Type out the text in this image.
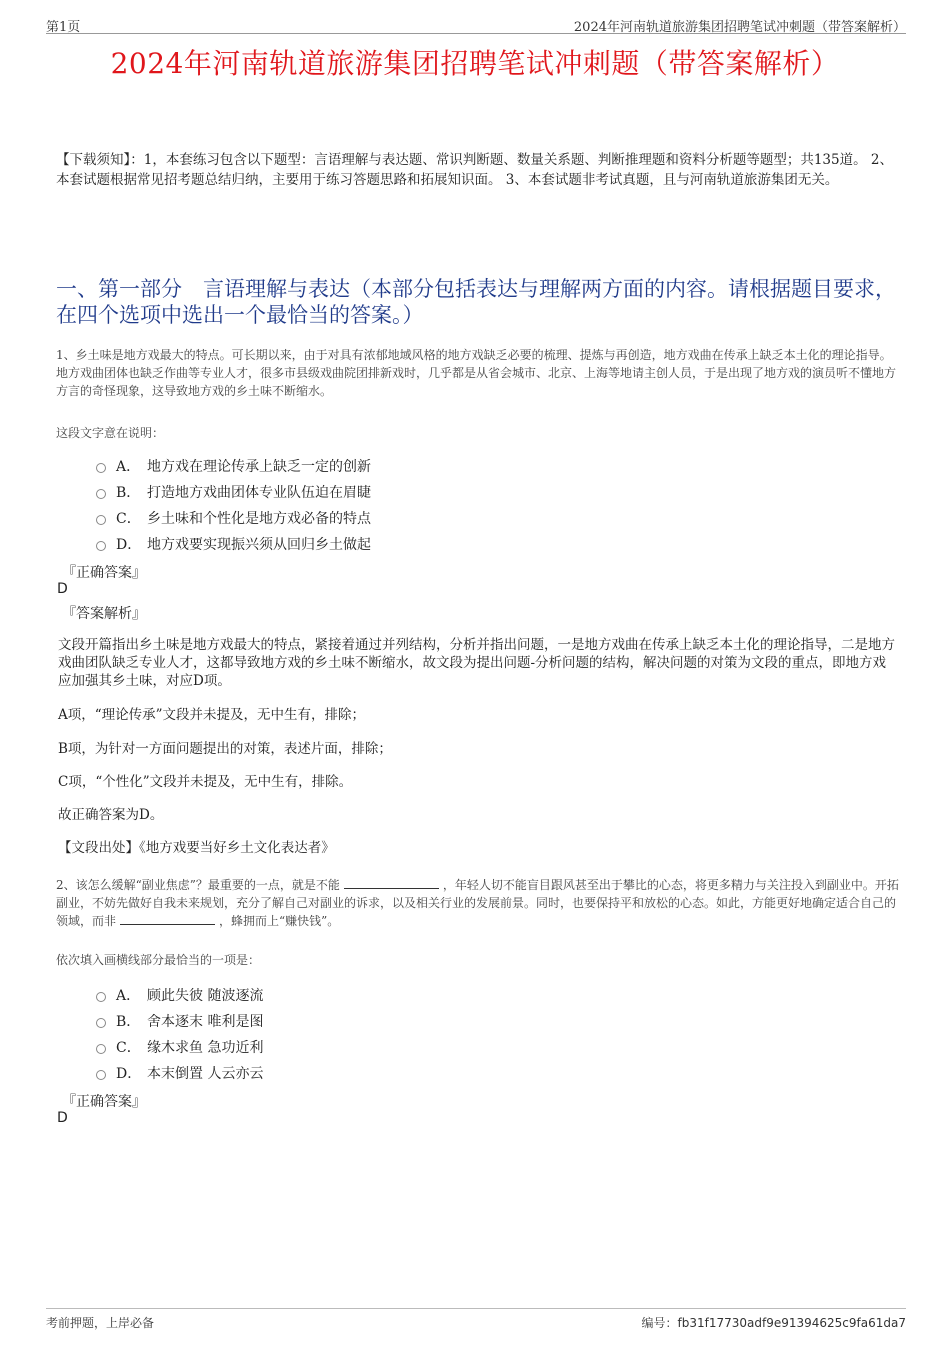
第1页	2024年河南轨道旅游集团招聘笔试冲刺题（带答案解析）
2024年河南轨道旅游集团招聘笔试冲刺题（带答案解析）
【下载须知】：1，本套练习包含以下题型：言语理解与表达题、常识判断题、数量关系题、判断推理题和资料分析题等题型；共135道。 2、本套试题根据常见招考题总结归纳，主要用于练习答题思路和拓展知识面。 3、本套试题非考试真题，且与河南轨道旅游集团无关。
一、第一部分　言语理解与表达（本部分包括表达与理解两方面的内容。请根据题目要求，在四个选项中选出一个最恰当的答案。）
1、乡土味是地方戏最大的特点。可长期以来，由于对具有浓郁地域风格的地方戏缺乏必要的梳理、提炼与再创造，地方戏曲在传承上缺乏本土化的理论指导。地方戏曲团体也缺乏作曲等专业人才，很多市县级戏曲院团排新戏时，几乎都是从省会城市、北京、上海等地请主创人员，于是出现了地方戏的演员听不懂地方方言的奇怪现象，这导致地方戏的乡土味不断缩水。
这段文字意在说明：
A． 地方戏在理论传承上缺乏一定的创新
B． 打造地方戏曲团体专业队伍迫在眉睫
C． 乡土味和个性化是地方戏必备的特点
D． 地方戏要实现振兴须从回归乡土做起
『正确答案』
D
『答案解析』
文段开篇指出乡土味是地方戏最大的特点，紧接着通过并列结构，分析并指出问题，一是地方戏曲在传承上缺乏本土化的理论指导，二是地方戏曲团队缺乏专业人才，这都导致地方戏的乡土味不断缩水，故文段为提出问题-分析问题的结构，解决问题的对策为文段的重点，即地方戏应加强其乡土味，对应D项。
A项，“理论传承”文段并未提及，无中生有，排除；
B项，为针对一方面问题提出的对策，表述片面，排除；
C项，“个性化”文段并未提及，无中生有，排除。
故正确答案为D。
【文段出处】《地方戏要当好乡土文化表达者》
2、该怎么缓解“副业焦虑”？最重要的一点，就是不能	，年轻人切不能盲目跟风甚至出于攀比的心态，将更多精力与关注投入到副业中。开拓副业，不妨先做好自我未来规划，充分了解自己对副业的诉求，以及相关行业的发展前景。同时，也要保持平和放松的心态。如此，方能更好地确定适合自己的领域，而非	，蜂拥而上“赚快钱”。
依次填入画横线部分最恰当的一项是：
A． 顾此失彼 随波逐流
B． 舍本逐末 唯利是图
C． 缘木求鱼 急功近利
D． 本末倒置 人云亦云
『正确答案』
D
考前押题，上岸必备	编号：fb31f17730adf9e91394625c9fa61da7
